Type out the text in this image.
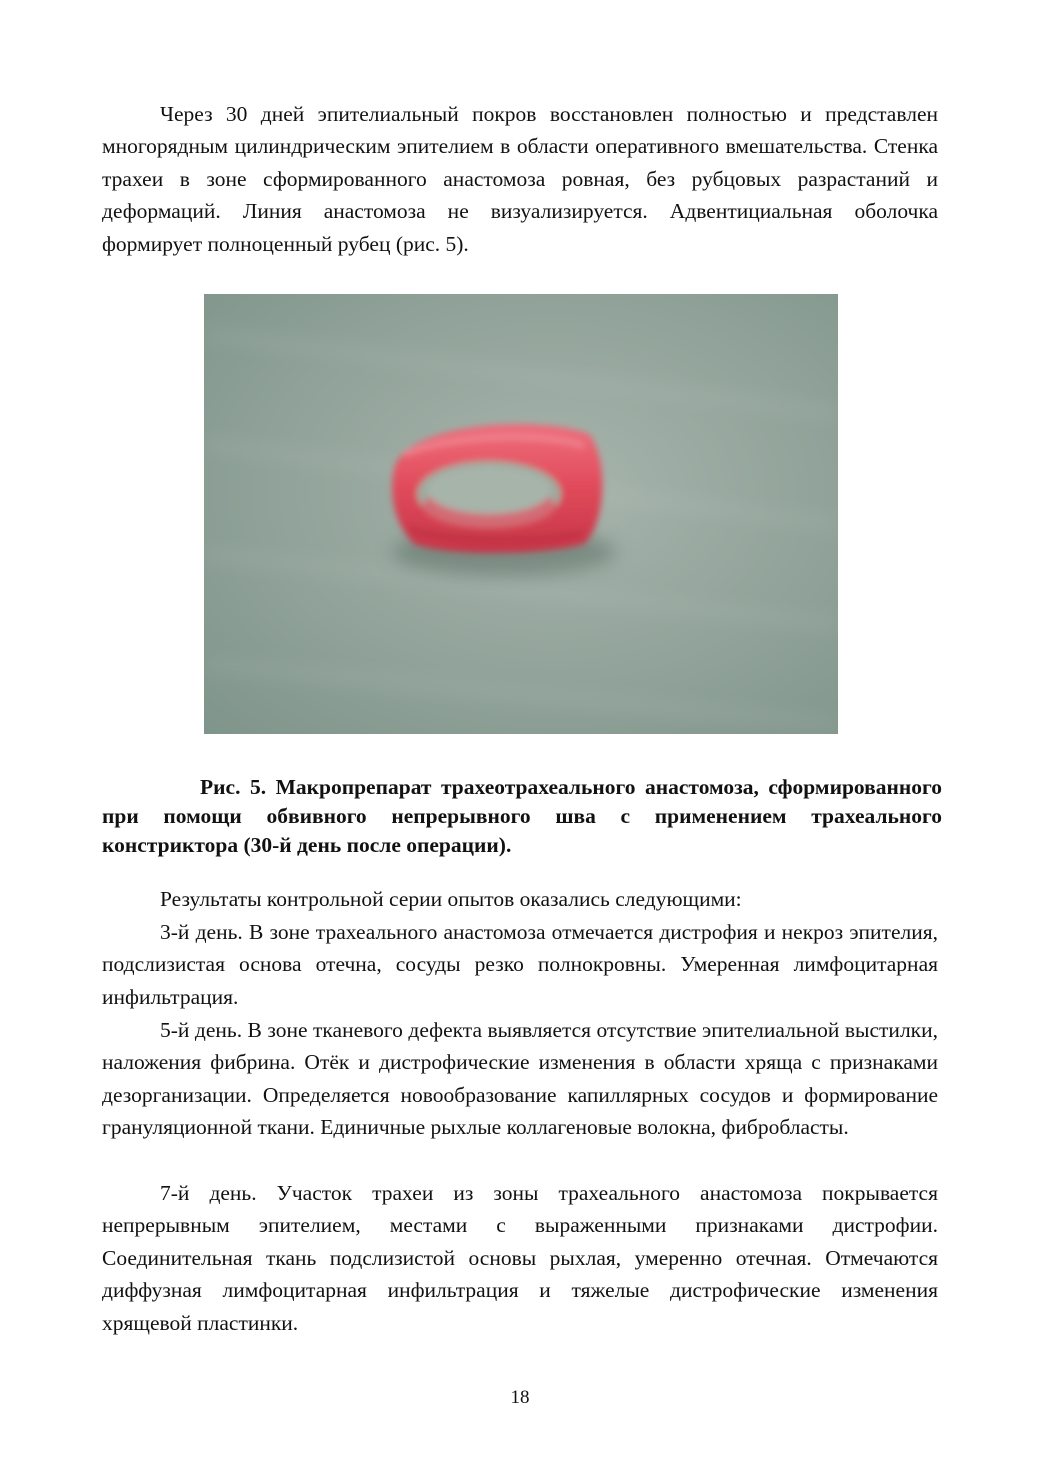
Через 30 дней эпителиальный покров восстановлен полностью и представлен многорядным цилиндрическим эпителием в области оперативного вмешательства. Стенка трахеи в зоне сформированного анастомоза ровная, без рубцовых разрастаний и деформаций. Линия анастомоза не визуализируется. Адвентициальная оболочка формирует полноценный рубец (рис. 5).

Рис. 5. Макропрепарат трахеотрахеального анастомоза, сформированного при помощи обвивного непрерывного шва с применением трахеального констриктора (30-й день после операции).

Результаты контрольной серии опытов оказались следующими:

3-й день. В зоне трахеального анастомоза отмечается дистрофия и некроз эпителия, подслизистая основа отечна, сосуды резко полнокровны. Умеренная лимфоцитарная инфильтрация.

5-й день. В зоне тканевого дефекта выявляется отсутствие эпителиальной выстилки, наложения фибрина. Отёк и дистрофические изменения в области хряща с признаками дезорганизации. Определяется новообразование капиллярных сосудов и формирование грануляционной ткани. Единичные рыхлые коллагеновые волокна, фибробласты.

7-й день. Участок трахеи из зоны трахеального анастомоза покрывается непрерывным эпителием, местами с выраженными признаками дистрофии. Соединительная ткань подслизистой основы рыхлая, умеренно отечная. Отмечаются диффузная лимфоцитарная инфильтрация и тяжелые дистрофические изменения хрящевой пластинки.

18
